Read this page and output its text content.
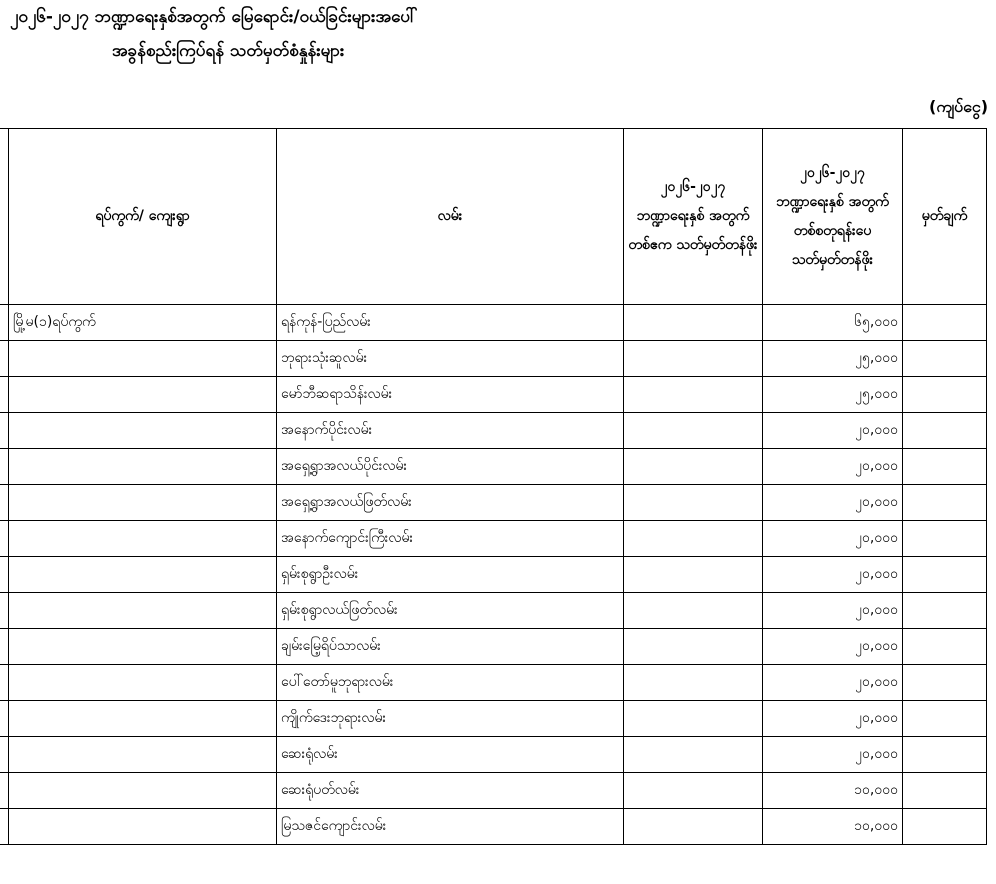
၂၀၂၆-၂၀၂၇ ဘဏ္ဍာရေးနှစ်အတွက် မြေရောင်း/ဝယ်ခြင်းများအပေါ်
အခွန်စည်းကြပ်ရန် သတ်မှတ်စံနှုန်းများ
(ကျပ်ငွေ)
	ရပ်ကွက်/ ကျေးရွာ	လမ်း	၂၀၂၆-၂၀၂၇ ဘဏ္ဍာရေးနှစ် အတွက် တစ်ဧက သတ်မှတ်တန်ဖိုး	၂၀၂၆-၂၀၂၇ ဘဏ္ဍာရေးနှစ် အတွက် တစ်စတုရန်းပေ သတ်မှတ်တန်ဖိုး	မှတ်ချက်
	မြို့မ(၁)ရပ်ကွက်	ရန်ကုန်-ပြည်လမ်း		၆၅,၀၀၀	
		ဘုရားသုံးဆူလမ်း		၂၅,၀၀၀	
		မော်ဘီဆရာသိန်းလမ်း		၂၅,၀၀၀	
		အနောက်ပိုင်းလမ်း		၂၀,၀၀၀	
		အရှေ့ရွာအလယ်ပိုင်းလမ်း		၂၀,၀၀၀	
		အရှေ့ရွာအလယ်ဖြတ်လမ်း		၂၀,၀၀၀	
		အနောက်ကျောင်းကြီးလမ်း		၂၀,၀၀၀	
		ရှမ်းစုရွာဦးလမ်း		၂၀,၀၀၀	
		ရှမ်းစုရွာလယ်ဖြတ်လမ်း		၂၀,၀၀၀	
		ချမ်းမြေ့ရိပ်သာလမ်း		၂၀,၀၀၀	
		ပေါ်တော်မူဘုရားလမ်း		၂၀,၀၀၀	
		ကျိုက်ဒေးဘုရားလမ်း		၂၀,၀၀၀	
		ဆေးရုံလမ်း		၂၀,၀၀၀	
		ဆေးရုံပတ်လမ်း		၁၀,၀၀၀	
		မြသဇင်ကျောင်းလမ်း		၁၀,၀၀၀	
